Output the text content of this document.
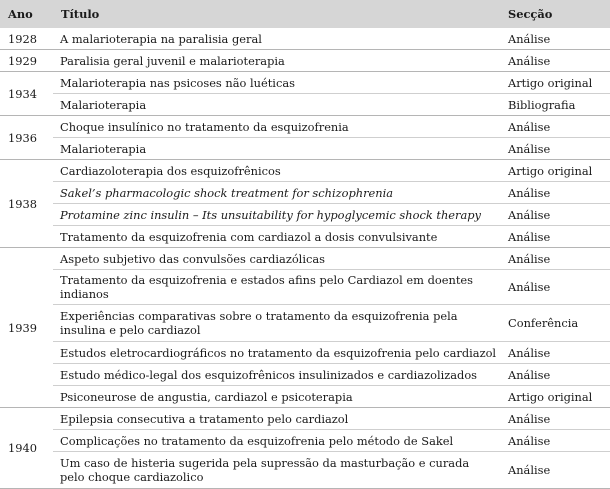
Ano	Título	Secção
1928	A malarioterapia na paralisia geral	Análise
1929	Paralisia geral juvenil e malarioterapia	Análise
1934	Malarioterapia nas psicoses não luéticas	Artigo original
	Malarioterapia	Bibliografia
1936	Choque insulínico no tratamento da esquizofrenia	Análise
	Malarioterapia	Análise
1938	Cardiazoloterapia dos esquizofrênicos	Artigo original
	Sakel’s pharmacologic shock treatment for schizophrenia	Análise
	Protamine zinc insulin – Its unsuitability for hypoglycemic shock therapy	Análise
	Tratamento da esquizofrenia com cardiazol a dosis convulsivante	Análise
1939	Aspeto subjetivo das convulsões cardiazólicas	Análise
	Tratamento da esquizofrenia e estados afins pelo Cardiazol em doentes indianos	Análise
	Experiências comparativas sobre o tratamento da esquizofrenia pela insulina e pelo cardiazol	Conferência
	Estudos eletrocardiográficos no tratamento da esquizofrenia pelo cardiazol	Análise
	Estudo médico-legal dos esquizofrênicos insulinizados e cardiazolizados	Análise
	Psiconeurose de angustia, cardiazol e psicoterapia	Artigo original
1940	Epilepsia consecutiva a tratamento pelo cardiazol	Análise
	Complicações no tratamento da esquizofrenia pelo método de Sakel	Análise
	Um caso de histeria sugerida pela supressão da masturbação e curada pelo choque cardiazolico	Análise
